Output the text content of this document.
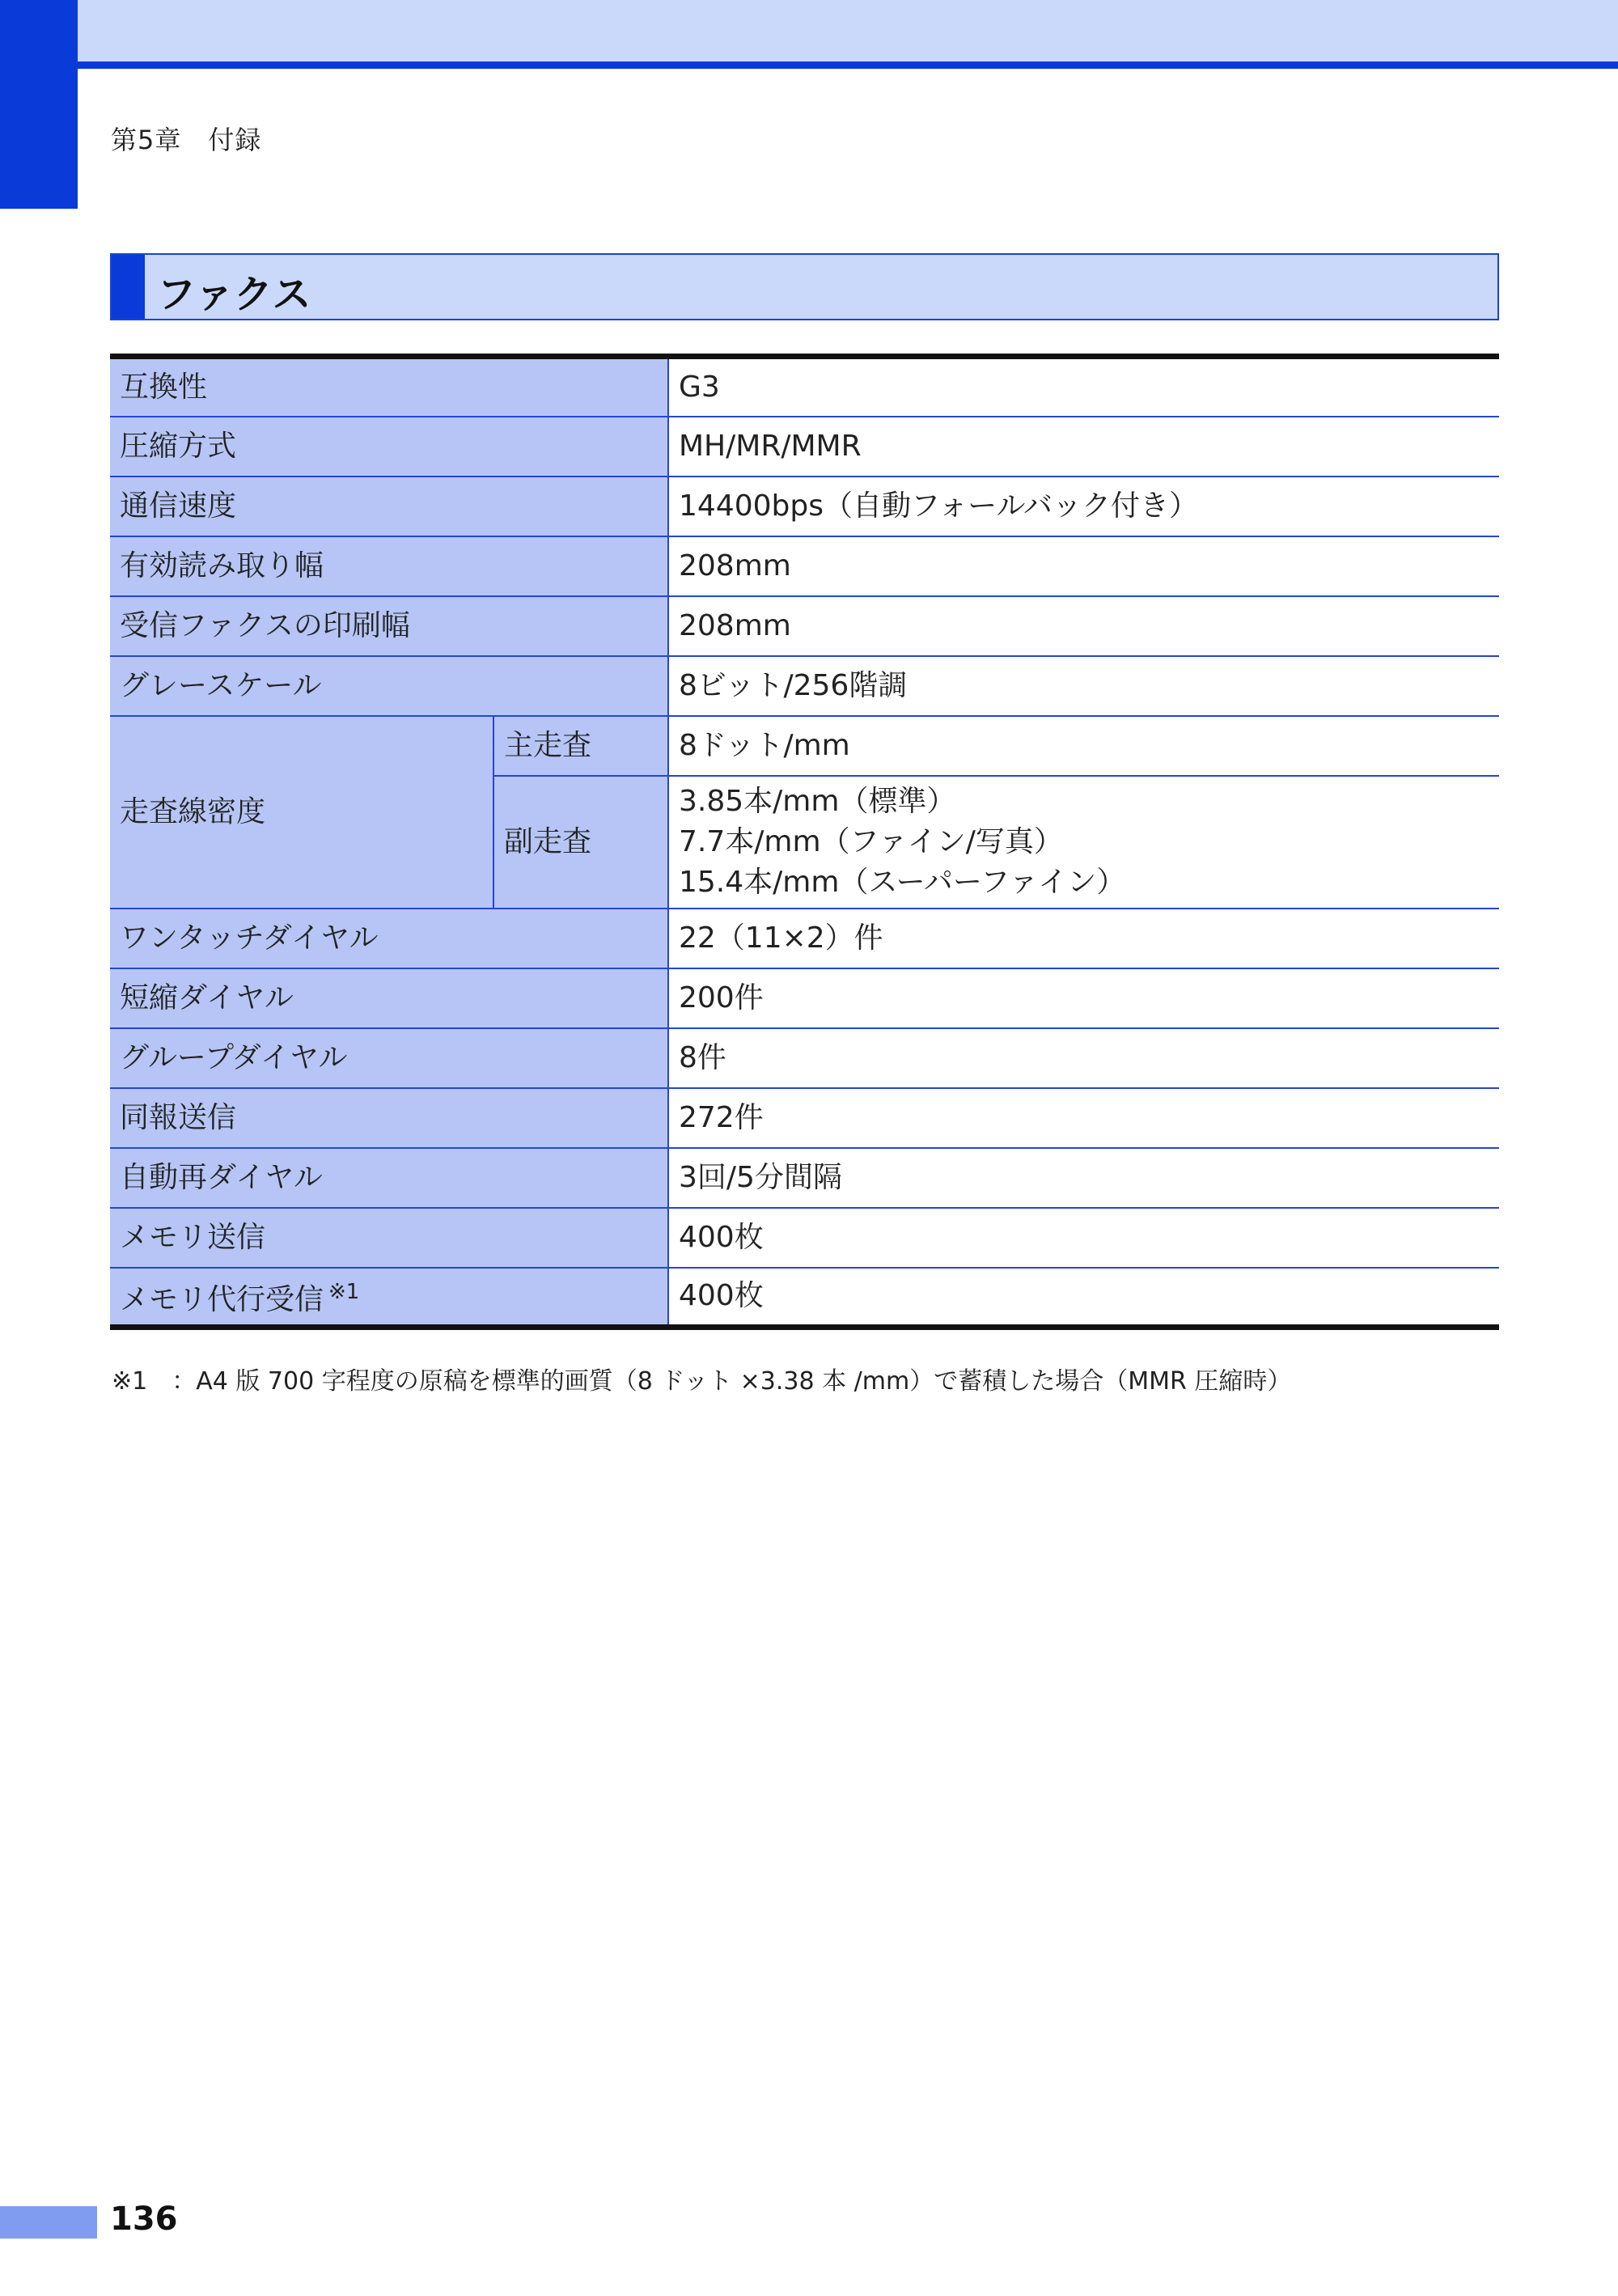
第5章　付録
ファクス
互換性		G3
圧縮方式		MH/MR/MMR
通信速度		14400bps（自動フォールバック付き）
有効読み取り幅		208mm
受信ファクスの印刷幅		208mm
グレースケール		8ビット/256階調
走査線密度	主走査	8ドット/mm
	副走査	3.85本/mm（標準）
7.7本/mm（ファイン/写真）
15.4本/mm（スーパーファイン）

ワンタッチダイヤル		22（11×2）件
短縮ダイヤル		200件
グループダイヤル		8件
同報送信		272件
自動再ダイヤル		3回/5分間隔
メモリ送信		400枚
メモリ代行受信 $^{※1}$		400枚
※1　：A4 版 700 字程度の原稿を標準的画質（8 ドット ×3.38 本 /mm）で蓄積した場合（MMR 圧縮時）
136
